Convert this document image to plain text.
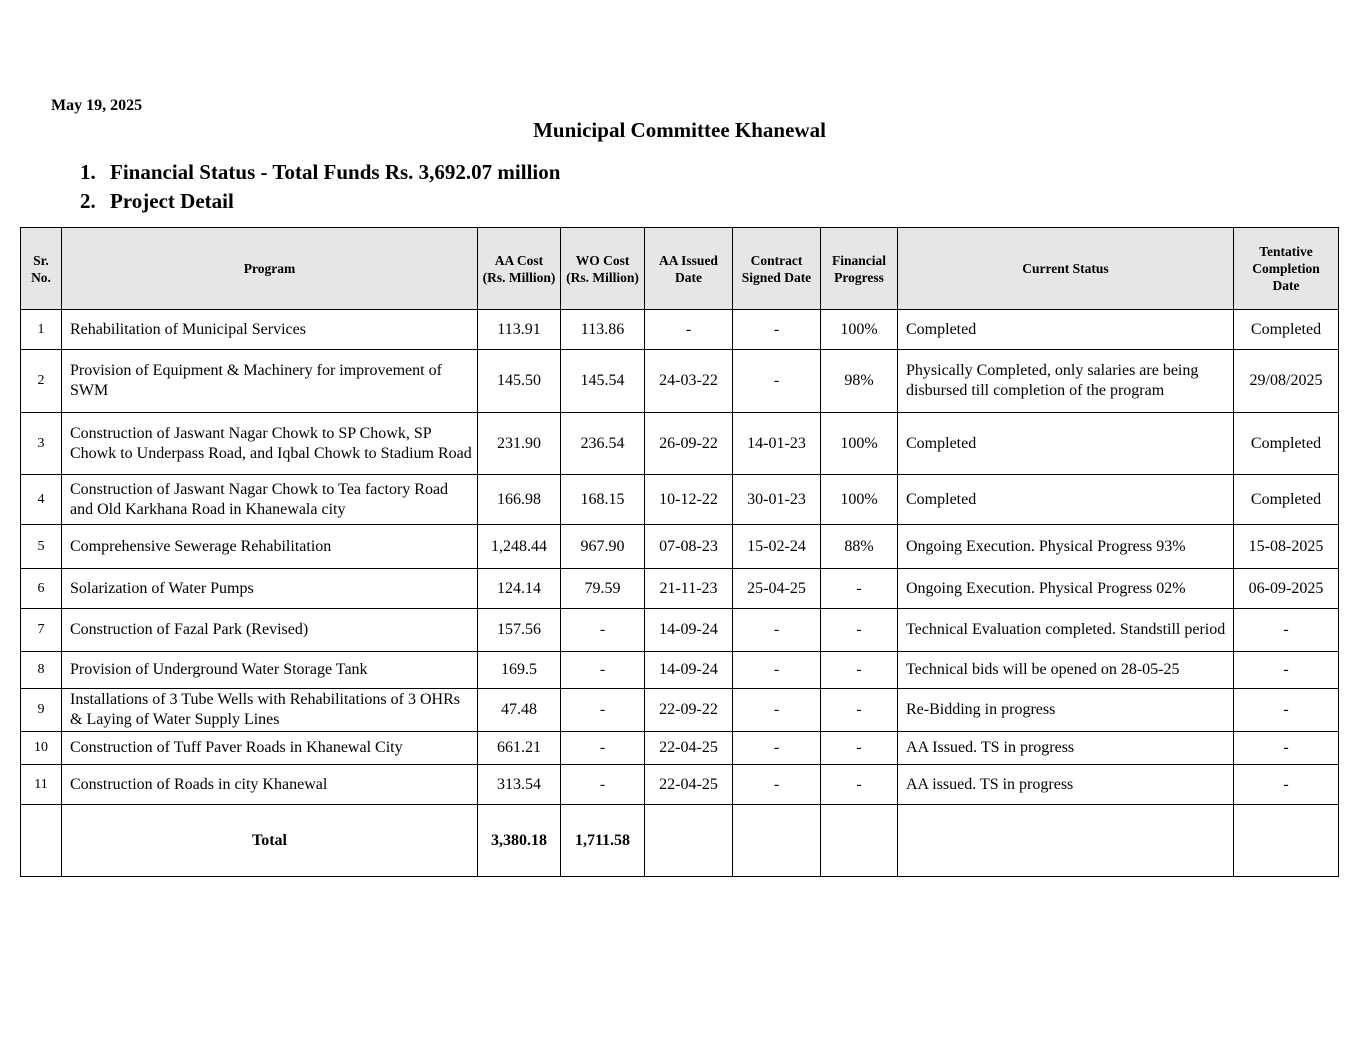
May 19, 2025
Municipal Committee Khanewal
1. Financial Status - Total Funds Rs. 3,692.07 million
2. Project Detail
Sr. No.	Program	AA Cost (Rs. Million)	WO Cost (Rs. Million)	AA Issued Date	Contract Signed Date	Financial Progress	Current Status	Tentative Completion Date
1	Rehabilitation of Municipal Services	113.91	113.86	-	-	100%	Completed	Completed
2	Provision of Equipment & Machinery for improvement of SWM	145.50	145.54	24-03-22	-	98%	Physically Completed, only salaries are being disbursed till completion of the program	29/08/2025
3	Construction of Jaswant Nagar Chowk to SP Chowk, SP Chowk to Underpass Road, and Iqbal Chowk to Stadium Road	231.90	236.54	26-09-22	14-01-23	100%	Completed	Completed
4	Construction of Jaswant Nagar Chowk to Tea factory Road and Old Karkhana Road in Khanewala city	166.98	168.15	10-12-22	30-01-23	100%	Completed	Completed
5	Comprehensive Sewerage Rehabilitation	1,248.44	967.90	07-08-23	15-02-24	88%	Ongoing Execution. Physical Progress 93%	15-08-2025
6	Solarization of Water Pumps	124.14	79.59	21-11-23	25-04-25	-	Ongoing Execution. Physical Progress 02%	06-09-2025
7	Construction of Fazal Park (Revised)	157.56	-	14-09-24	-	-	Technical Evaluation completed. Standstill period	-
8	Provision of Underground Water Storage Tank	169.5	-	14-09-24	-	-	Technical bids will be opened on 28-05-25	-
9	Installations of 3 Tube Wells with Rehabilitations of 3 OHRs & Laying of Water Supply Lines	47.48	-	22-09-22	-	-	Re-Bidding in progress	-
10	Construction of Tuff Paver Roads in Khanewal City	661.21	-	22-04-25	-	-	AA Issued. TS in progress	-
11	Construction of Roads in city Khanewal	313.54	-	22-04-25	-	-	AA issued. TS in progress	-
	Total	3,380.18	1,711.58					
